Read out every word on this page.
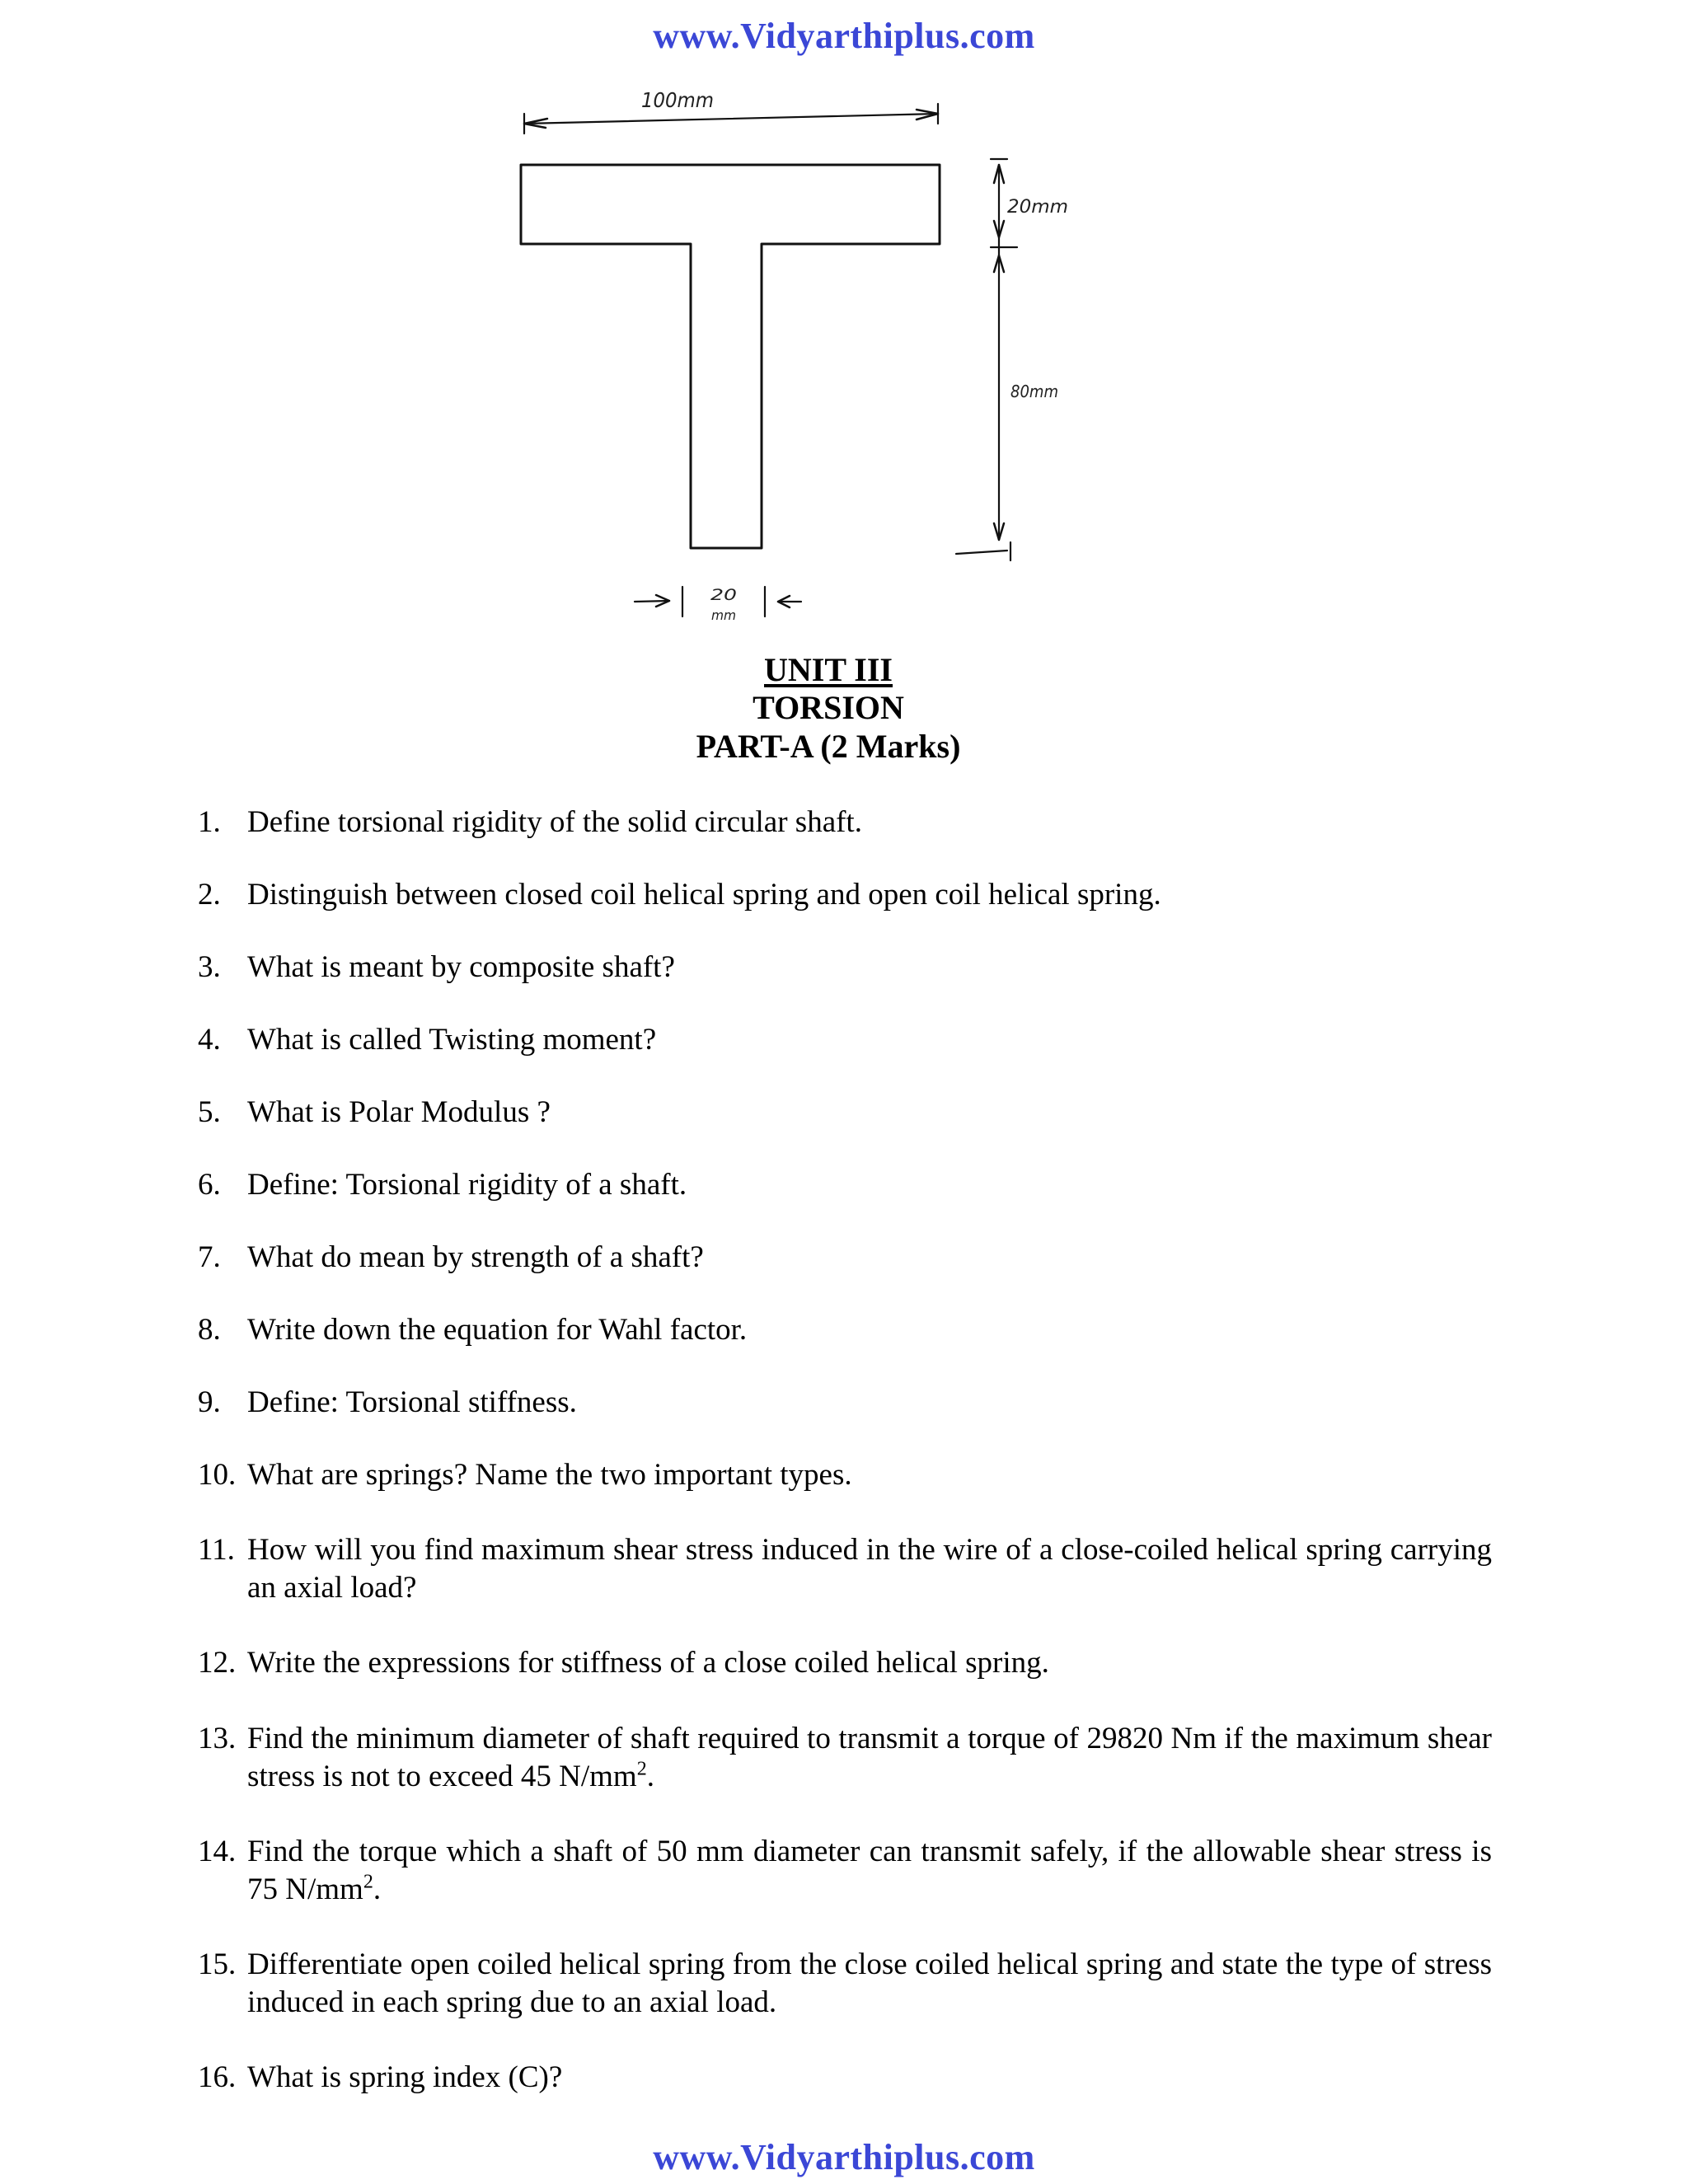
www.Vidyarthiplus.com
100mm
20mm
80mm
20
mm
UNIT III
TORSION
PART-A (2 Marks)
1. Define torsional rigidity of the solid circular shaft.
2. Distinguish between closed coil helical spring and open coil helical spring.
3. What is meant by composite shaft?
4. What is called Twisting moment?
5. What is Polar Modulus ?
6. Define: Torsional rigidity of a shaft.
7. What do mean by strength of a shaft?
8. Write down the equation for Wahl factor.
9. Define: Torsional stiffness.
10. What are springs? Name the two important types.
11. How will you find maximum shear stress induced in the wire of a close-coiled helical spring carrying an axial load?
12. Write the expressions for stiffness of a close coiled helical spring.
13. Find the minimum diameter of shaft required to transmit a torque of 29820 Nm if the maximum shear stress is not to exceed 45 $N/mm^2$.
14. Find the torque which a shaft of 50 mm diameter can transmit safely, if the allowable shear stress is 75 $N/mm^2$.
15. Differentiate open coiled helical spring from the close coiled helical spring and state the type of stress induced in each spring due to an axial load.
16. What is spring index (C)?
www.Vidyarthiplus.com
